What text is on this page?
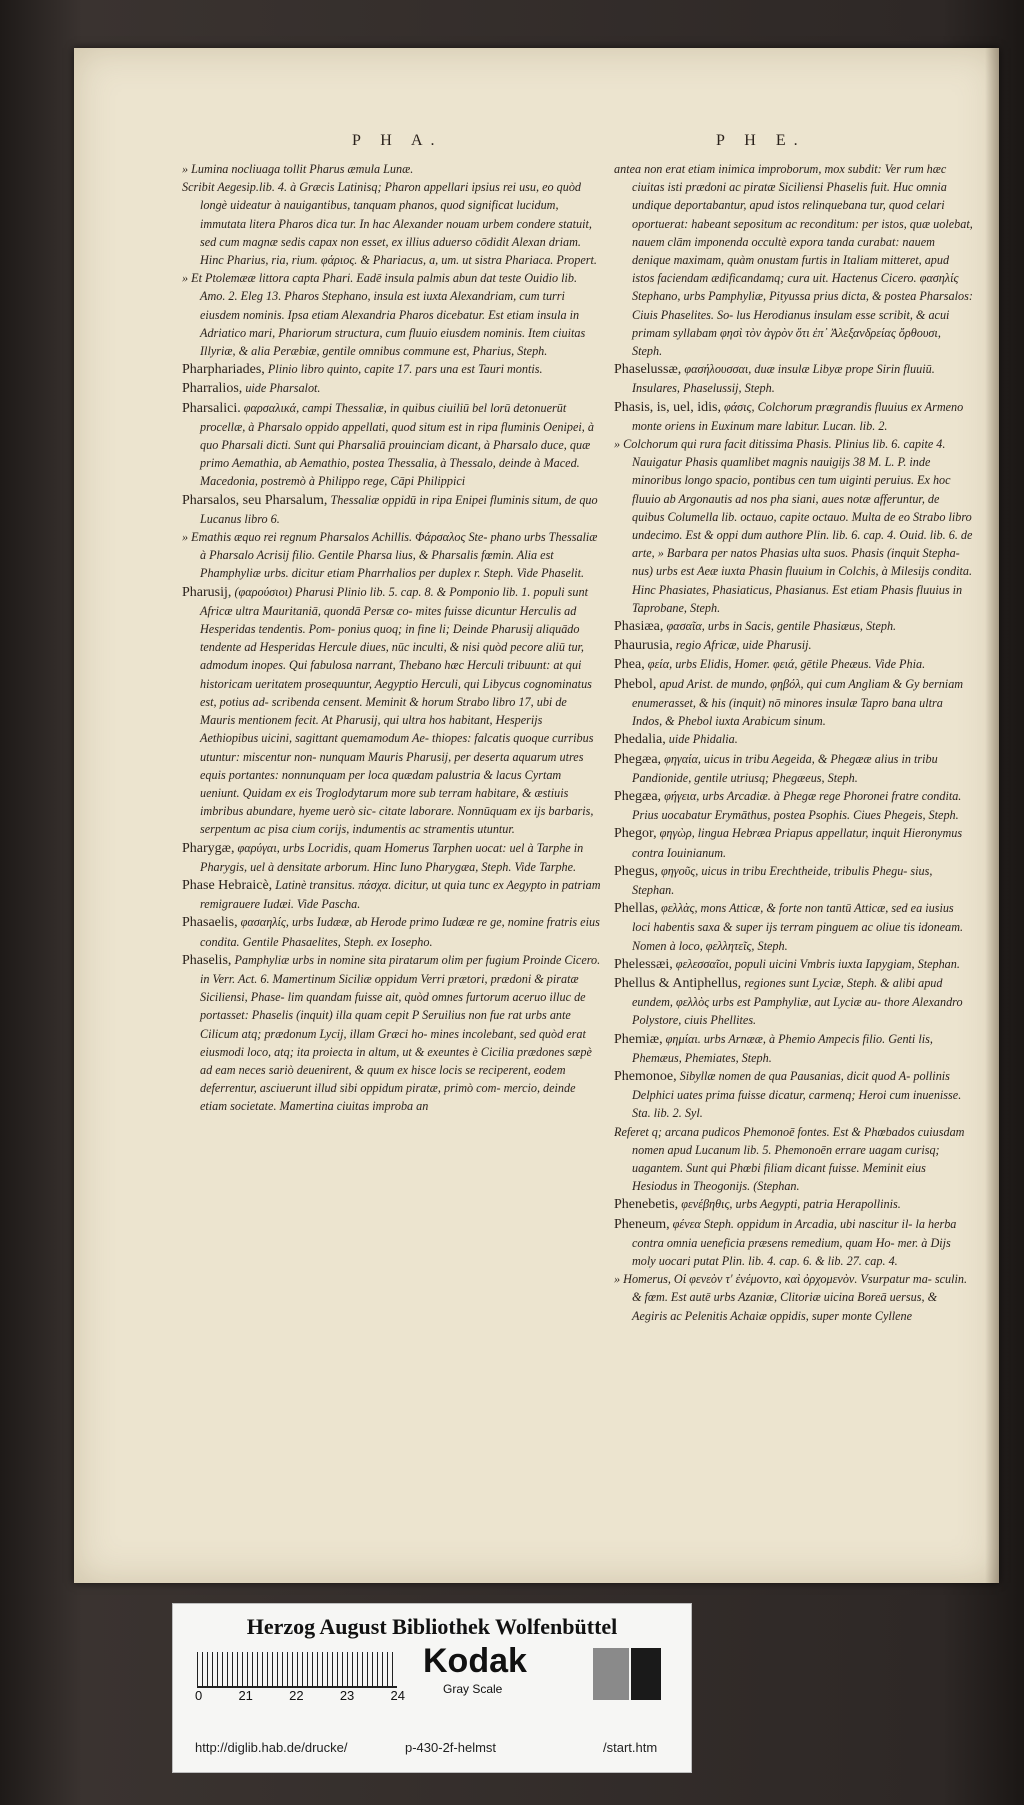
P H A.	P H E.

» Lumina nocliuaga tollit Pharus æmula Lunæ.

Scribit Aegesip.lib. 4. à Græcis Latinisq; Pharon appellari ipsius rei usu, eo quòd longè uideatur à nauigantibus, tanquam phanos, quod significat lucidum, immutata litera Pharos dica tur. In hac Alexander nouam urbem condere statuit, sed cum magnæ sedis capax non esset, ex illius aduerso cōdidit Alexan driam. Hinc Pharius, ria, rium. φάριος. & Phariacus, a, um. ut sistra Phariaca. Propert.

» Et Ptolemææ littora capta Phari. Eadē insula palmis abun dat teste Ouidio lib. Amo. 2. Eleg 13. Pharos Stephano, insula est iuxta Alexandriam, cum turri eiusdem nominis. Ipsa etiam Alexandria Pharos dicebatur. Est etiam insula in Adriatico mari, Phariorum structura, cum fluuio eiusdem nominis. Item ciuitas Illyriæ, & alia Peræbiæ, gentile omnibus commune est, Pharius, Steph.

Pharphariades, Plinio libro quinto, capite 17. pars una est Tauri montis.

Pharralios, uide Pharsalot.

Pharsalici. φαρσαλικά, campi Thessaliæ, in quibus ciuiliū bel lorū detonuerūt procellæ, à Pharsalo oppido appellati, quod situm est in ripa fluminis Oenipei, à quo Pharsali dicti. Sunt qui Pharsaliā prouinciam dicant, à Pharsalo duce, quæ primo Aemathia, ab Aemathio, postea Thessalia, à Thessalo, deinde à Maced. Macedonia, postremò à Philippo rege, Cāpi Philippici

Pharsalos, seu Pharsalum, Thessaliæ oppidū in ripa Enipei fluminis situm, de quo Lucanus libro 6.

» Emathis æquo rei regnum Pharsalos Achillis. Φάρσαλος Ste- phano urbs Thessaliæ à Pharsalo Acrisij filio. Gentile Pharsa lius, & Pharsalis fœmin. Alia est Phamphyliæ urbs. dicitur etiam Pharrhalios per duplex r. Steph. Vide Phaselit.

Pharusij, (φαρούσιοι) Pharusi Plinio lib. 5. cap. 8. & Pomponio lib. 1. populi sunt Africæ ultra Mauritaniā, quondā Persæ co- mites fuisse dicuntur Herculis ad Hesperidas tendentis. Pom- ponius quoq; in fine li; Deinde Pharusij aliquādo tendente ad Hesperidas Hercule diues, nūc inculti, & nisi quòd pecore aliū tur, admodum inopes. Qui fabulosa narrant, Thebano hæc Herculi tribuunt: at qui historicam ueritatem prosequuntur, Aegyptio Herculi, qui Libycus cognominatus est, potius ad- scribenda censent. Meminit & horum Strabo libro 17, ubi de Mauris mentionem fecit. At Pharusij, qui ultra hos habitant, Hesperijs Aethiopibus uicini, sagittant quemamodum Ae- thiopes: falcatis quoque curribus utuntur: miscentur non- nunquam Mauris Pharusij, per deserta aquarum utres equis portantes: nonnunquam per loca quædam palustria & lacus Cyrtam ueniunt. Quidam ex eis Troglodytarum more sub terram habitare, & æstiuis imbribus abundare, hyeme uerò sic- citate laborare. Nonnūquam ex ijs barbaris, serpentum ac pisa cium corijs, indumentis ac stramentis utuntur.

Pharygæ, φαρύγαι, urbs Locridis, quam Homerus Tarphen uocat: uel à Tarphe in Pharygis, uel à densitate arborum. Hinc Iuno Pharygæa, Steph. Vide Tarphe.

Phase Hebraicè, Latinè transitus. πάσχα. dicitur, ut quia tunc ex Aegypto in patriam remigrauere Iudæi. Vide Pascha.

Phasaelis, φασαηλίς, urbs Iudææ, ab Herode primo Iudææ re ge, nomine fratris eius condita. Gentile Phasaelites, Steph. ex Iosepho.

Phaselis, Pamphyliæ urbs in nomine sita piratarum olim per fugium Proinde Cicero. in Verr. Act. 6. Mamertinum Siciliæ oppidum Verri prætori, prædoni & piratæ Siciliensi, Phase- lim quandam fuisse ait, quòd omnes furtorum aceruo illuc de portasset: Phaselis (inquit) illa quam cepit P Seruilius non fue rat urbs ante Cilicum atq; prædonum Lycij, illam Græci ho- mines incolebant, sed quòd erat eiusmodi loco, atq; ita proiecta in altum, ut & exeuntes è Cicilia prædones sæpè ad eam neces sariò deuenirent, & quum ex hisce locis se reciperent, eodem deferrentur, asciuerunt illud sibi oppidum piratæ, primò com- mercio, deinde etiam societate. Mamertina ciuitas improba an

antea non erat etiam inimica improborum, mox subdit: Ver rum hæc ciuitas isti prædoni ac piratæ Siciliensi Phaselis fuit. Huc omnia undique deportabantur, apud istos relinquebana tur, quod celari oportuerat: habeant sepositum ac reconditum: per istos, quæ uolebat, nauem clām imponenda occultè expora tanda curabat: nauem denique maximam, quàm onustam furtis in Italiam mitteret, apud istos faciendam ædificandamq; cura uit. Hactenus Cicero. φασηλίς Stephano, urbs Pamphyliæ, Pityussa prius dicta, & postea Pharsalos: Ciuis Phaselites. So- lus Herodianus insulam esse scribit, & acui primam syllabam φησὶ τὸν ἀγρὸν ὅτι ἐπ᾽ Ἀλεξανδρείας ὄρθουσι, Steph.

Phaselussæ, φασήλουσσαι, duæ insulæ Libyæ prope Sirin fluuiū. Insulares, Phaselussij, Steph.

Phasis, is, uel, idis, φάσις, Colchorum prægrandis fluuius ex Armeno monte oriens in Euxinum mare labitur. Lucan. lib. 2.

» Colchorum qui rura facit ditissima Phasis. Plinius lib. 6. capite 4. Nauigatur Phasis quamlibet magnis nauigijs 38 M. L. P. inde minoribus longo spacio, pontibus cen tum uiginti peruius. Ex hoc fluuio ab Argonautis ad nos pha siani, aues notæ afferuntur, de quibus Columella lib. octauo, capite octauo. Multa de eo Strabo libro undecimo. Est & oppi dum authore Plin. lib. 6. cap. 4. Ouid. lib. 6. de arte, » Barbara per natos Phasias ulta suos. Phasis (inquit Stepha- nus) urbs est Aeæ iuxta Phasin fluuium in Colchis, à Milesijs condita. Hinc Phasiates, Phasiaticus, Phasianus. Est etiam Phasis fluuius in Taprobane, Steph.

Phasiæa, φασαῖα, urbs in Sacis, gentile Phasiæus, Steph.

Phaurusia, regio Africæ, uide Pharusij.

Phea, φεία, urbs Elidis, Homer. φειά, gētile Pheæus. Vide Phia.

Phebol, apud Arist. de mundo, φηβόλ, qui cum Angliam & Gy berniam enumerasset, & his (inquit) nō minores insulæ Tapro bana ultra Indos, & Phebol iuxta Arabicum sinum.

Phedalia, uide Phidalia.

Phegæa, φηγαία, uicus in tribu Aegeida, & Phegææ alius in tribu Pandionide, gentile utriusq; Phegæeus, Steph.

Phegæa, φήγεια, urbs Arcadiæ. à Phegæ rege Phoronei fratre condita. Prius uocabatur Erymāthus, postea Psophis. Ciues Phegeis, Steph.

Phegor, φηγὼρ, lingua Hebræa Priapus appellatur, inquit Hieronymus contra Iouinianum.

Phegus, φηγοῦς, uicus in tribu Erechtheide, tribulis Phegu- sius, Stephan.

Phellas, φελλὰς, mons Atticæ, & forte non tantū Atticæ, sed ea iusius loci habentis saxa & super ijs terram pinguem ac oliue tis idoneam. Nomen à loco, φελλητεῖς, Steph.

Phelessæi, φελεσσαῖοι, populi uicini Vmbris iuxta Iapygiam, Stephan.

Phellus & Antiphellus, regiones sunt Lyciæ, Steph. & alibi apud eundem, φελλὸς urbs est Pamphyliæ, aut Lyciæ au- thore Alexandro Polystore, ciuis Phellites.

Phemiæ, φημίαι. urbs Arnææ, à Phemio Ampecis filio. Genti lis, Phemæus, Phemiates, Steph.

Phemonoe, Sibyllæ nomen de qua Pausanias, dicit quod A- pollinis Delphici uates prima fuisse dicatur, carmenq; Heroi cum inuenisse. Sta. lib. 2. Syl.

Referet q; arcana pudicos Phemonoē fontes. Est & Phœbados cuiusdam nomen apud Lucanum lib. 5. Phemonoēn errare uagam curisq; uagantem. Sunt qui Phœbi filiam dicant fuisse. Meminit eius Hesiodus in Theogonijs. (Stephan.

Phenebetis, φενέβηθις, urbs Aegypti, patria Herapollinis.

Pheneum, φένεα Steph. oppidum in Arcadia, ubi nascitur il- la herba contra omnia ueneficia præsens remedium, quam Ho- mer. à Dijs moly uocari putat Plin. lib. 4. cap. 6. & lib. 27. cap. 4.

» Homerus, Οἱ φενεὸν τ' ἐνέμοντο, καὶ ὀρχομενὸν. Vsurpatur ma- sculin. & fœm. Est autē urbs Azaniæ, Clitoriæ uicina Boreā uersus, & Aegiris ac Pelenitis Achaiæ oppidis, super monte Cyllene

Herzog August Bibliothek Wolfenbüttel
0	21	22	23	24
Kodak
Gray Scale
http://diglib.hab.de/drucke/	p-430-2f-helmst	/start.htm
